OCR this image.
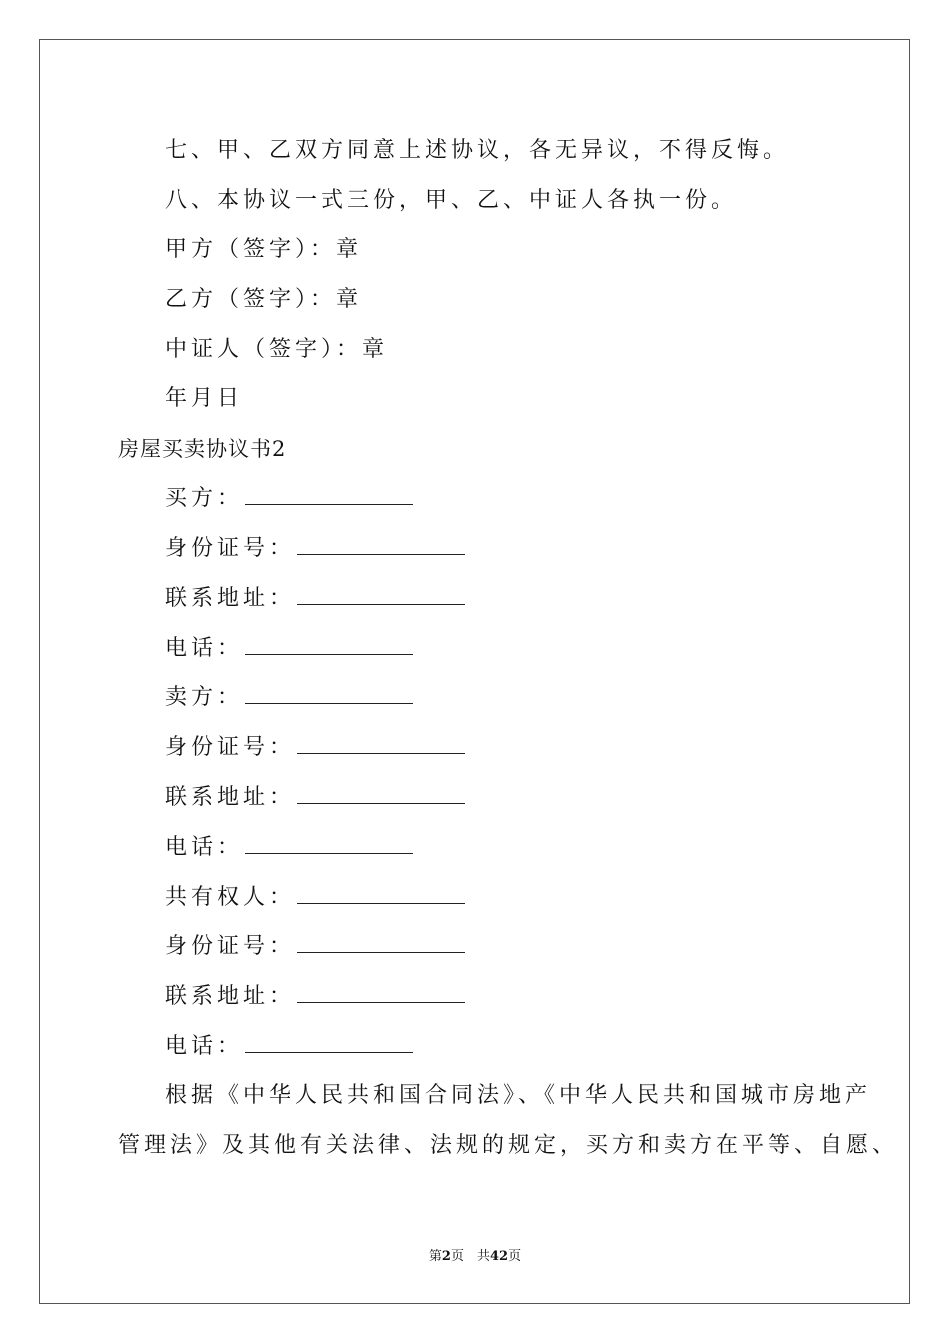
七、甲、乙双方同意上述协议，各无异议，不得反悔。
八、本协议一式三份，甲、乙、中证人各执一份。
甲方（签字）：章
乙方（签字）：章
中证人（签字）：章
年月日
房屋买卖协议书2
买方：
身份证号：
联系地址：
电话：
卖方：
身份证号：
联系地址：
电话：
共有权人：
身份证号：
联系地址：
电话：
根据《中华人民共和国合同法》、《中华人民共和国城市房地产
管理法》及其他有关法律、法规的规定，买方和卖方在平等、自愿、
第2页　共42页
